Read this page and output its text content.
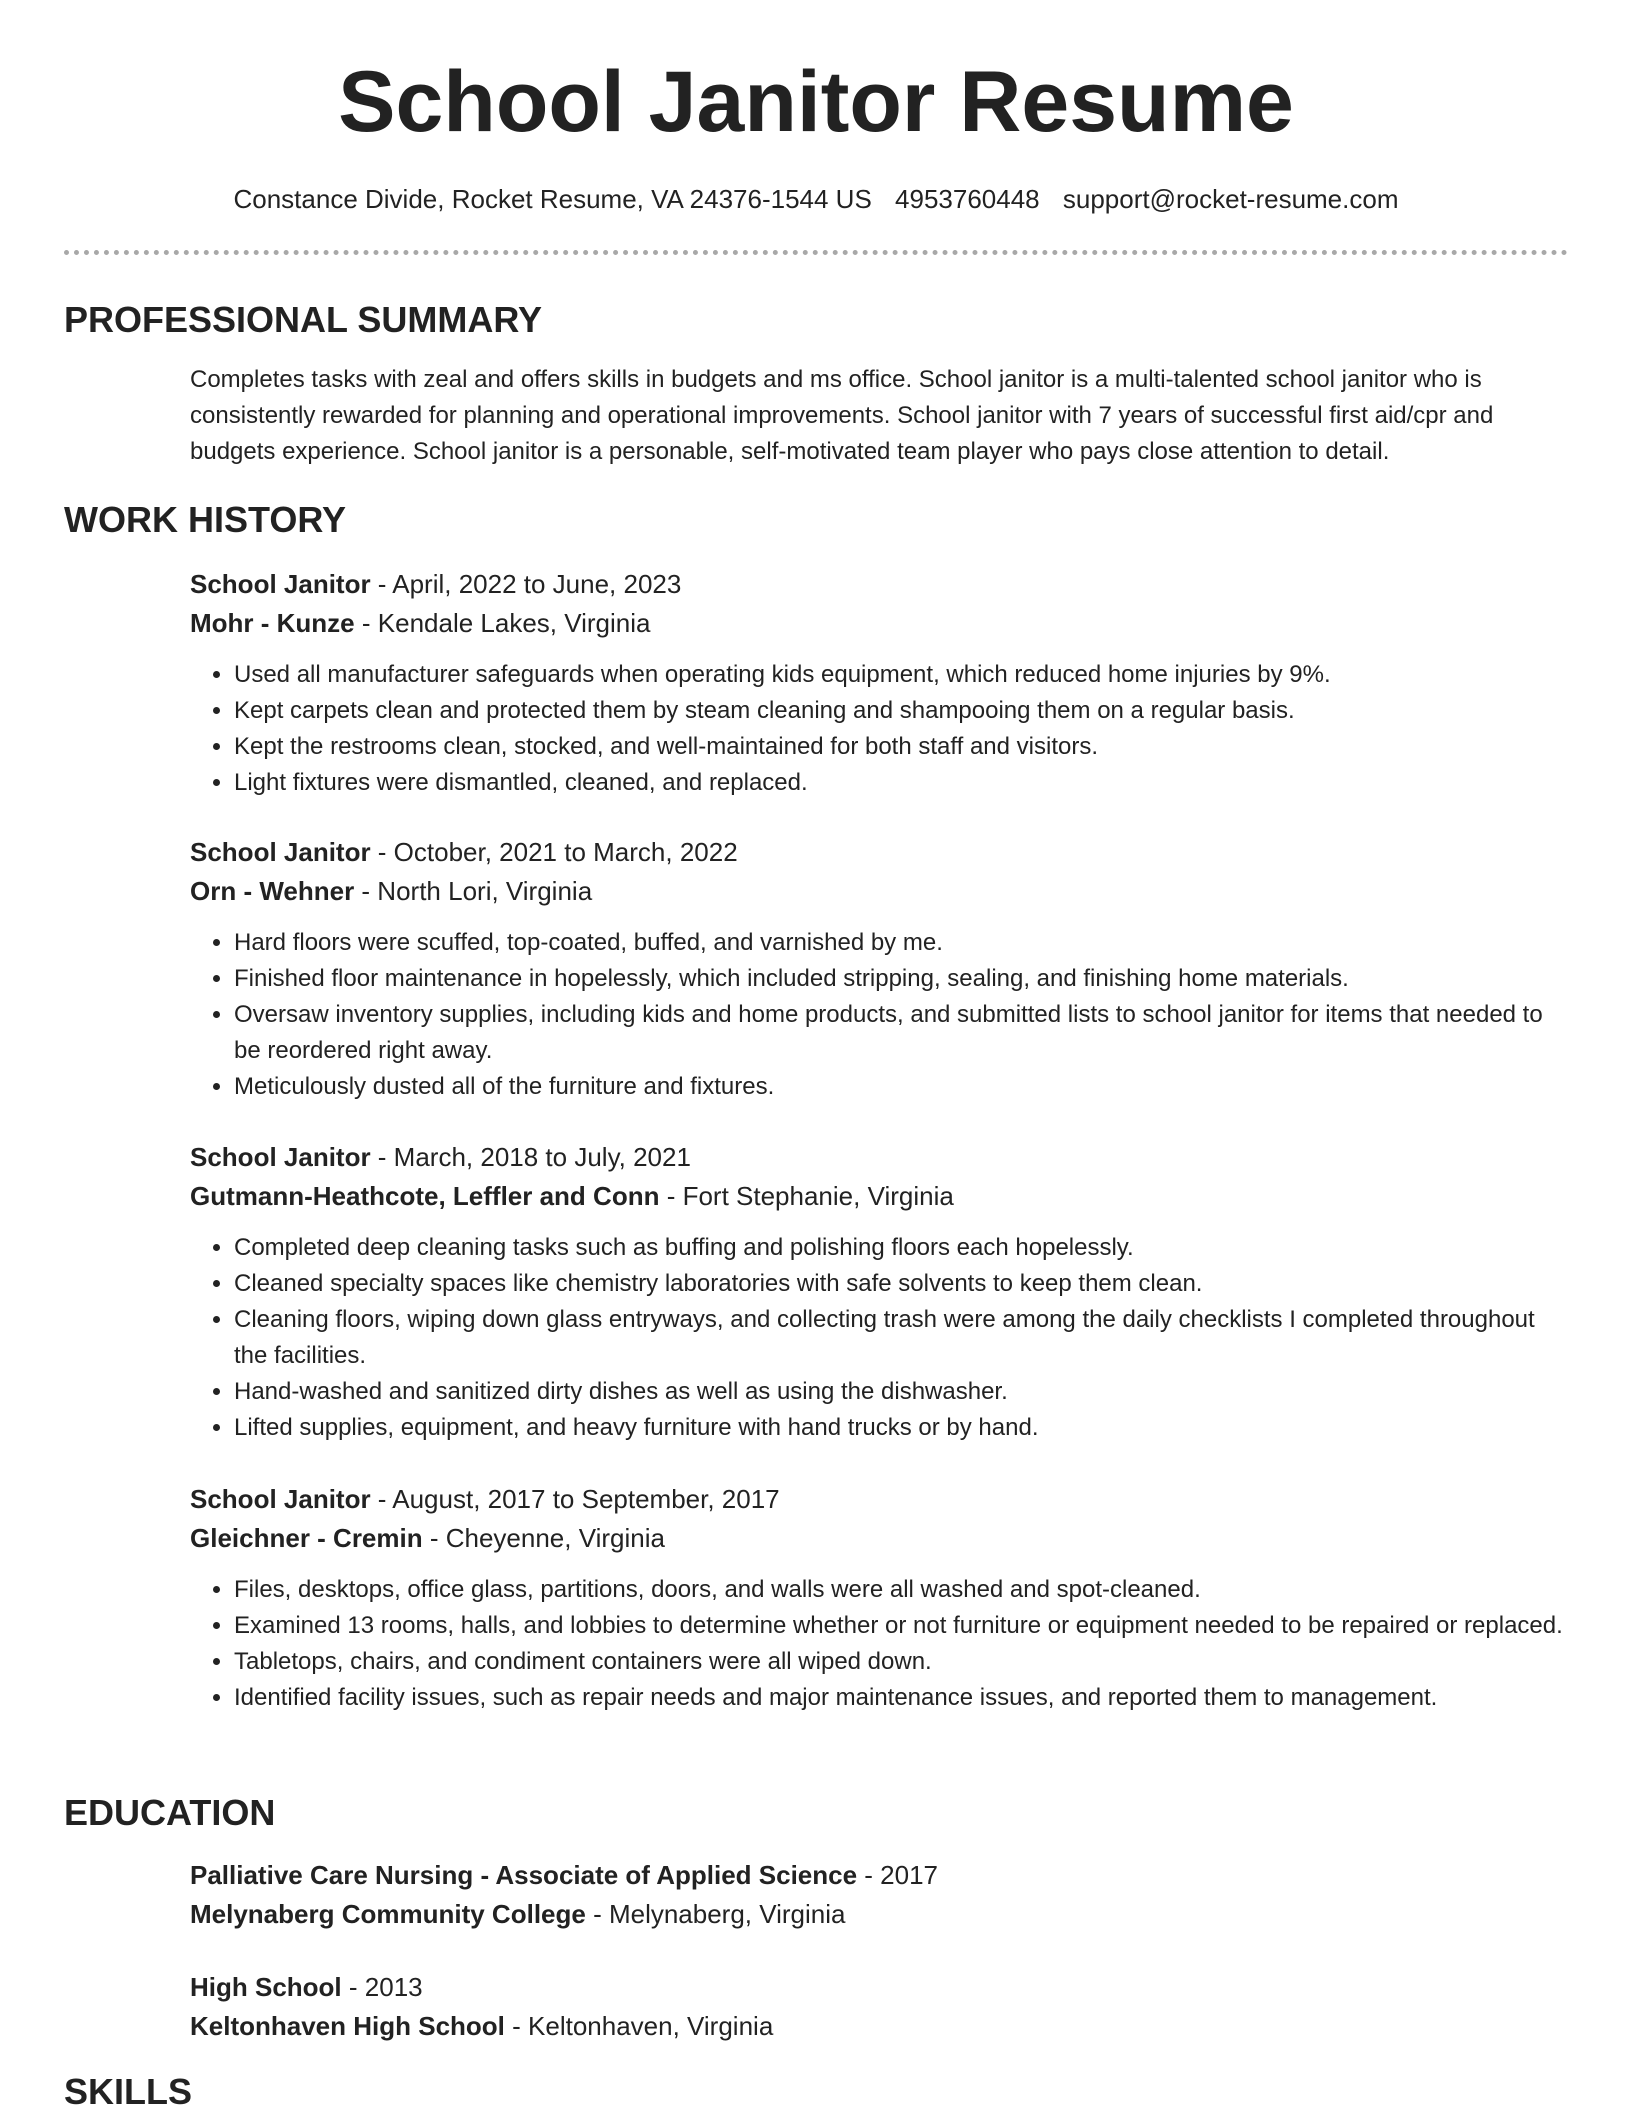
School Janitor Resume
Constance Divide, Rocket Resume, VA 24376-1544 US 4953760448 support@rocket-resume.com
PROFESSIONAL SUMMARY

Completes tasks with zeal and offers skills in budgets and ms office. School janitor is a multi-talented school janitor who is consistently rewarded for planning and operational improvements. School janitor with 7 years of successful first aid/cpr and budgets experience. School janitor is a personable, self-motivated team player who pays close attention to detail.

WORK HISTORY

School Janitor - April, 2022 to June, 2023

Mohr - Kunze - Kendale Lakes, Virginia

• Used all manufacturer safeguards when operating kids equipment, which reduced home injuries by 9%.
• Kept carpets clean and protected them by steam cleaning and shampooing them on a regular basis.
• Kept the restrooms clean, stocked, and well-maintained for both staff and visitors.
• Light fixtures were dismantled, cleaned, and replaced.

School Janitor - October, 2021 to March, 2022

Orn - Wehner - North Lori, Virginia

• Hard floors were scuffed, top-coated, buffed, and varnished by me.
• Finished floor maintenance in hopelessly, which included stripping, sealing, and finishing home materials.
• Oversaw inventory supplies, including kids and home products, and submitted lists to school janitor for items that needed to be reordered right away.
• Meticulously dusted all of the furniture and fixtures.

School Janitor - March, 2018 to July, 2021

Gutmann-Heathcote, Leffler and Conn - Fort Stephanie, Virginia

• Completed deep cleaning tasks such as buffing and polishing floors each hopelessly.
• Cleaned specialty spaces like chemistry laboratories with safe solvents to keep them clean.
• Cleaning floors, wiping down glass entryways, and collecting trash were among the daily checklists I completed throughout the facilities.
• Hand-washed and sanitized dirty dishes as well as using the dishwasher.
• Lifted supplies, equipment, and heavy furniture with hand trucks or by hand.

School Janitor - August, 2017 to September, 2017

Gleichner - Cremin - Cheyenne, Virginia

• Files, desktops, office glass, partitions, doors, and walls were all washed and spot-cleaned.
• Examined 13 rooms, halls, and lobbies to determine whether or not furniture or equipment needed to be repaired or replaced.
• Tabletops, chairs, and condiment containers were all wiped down.
• Identified facility issues, such as repair needs and major maintenance issues, and reported them to management.
EDUCATION

Palliative Care Nursing - Associate of Applied Science - 2017

Melynaberg Community College - Melynaberg, Virginia

High School - 2013

Keltonhaven High School - Keltonhaven, Virginia

SKILLS
